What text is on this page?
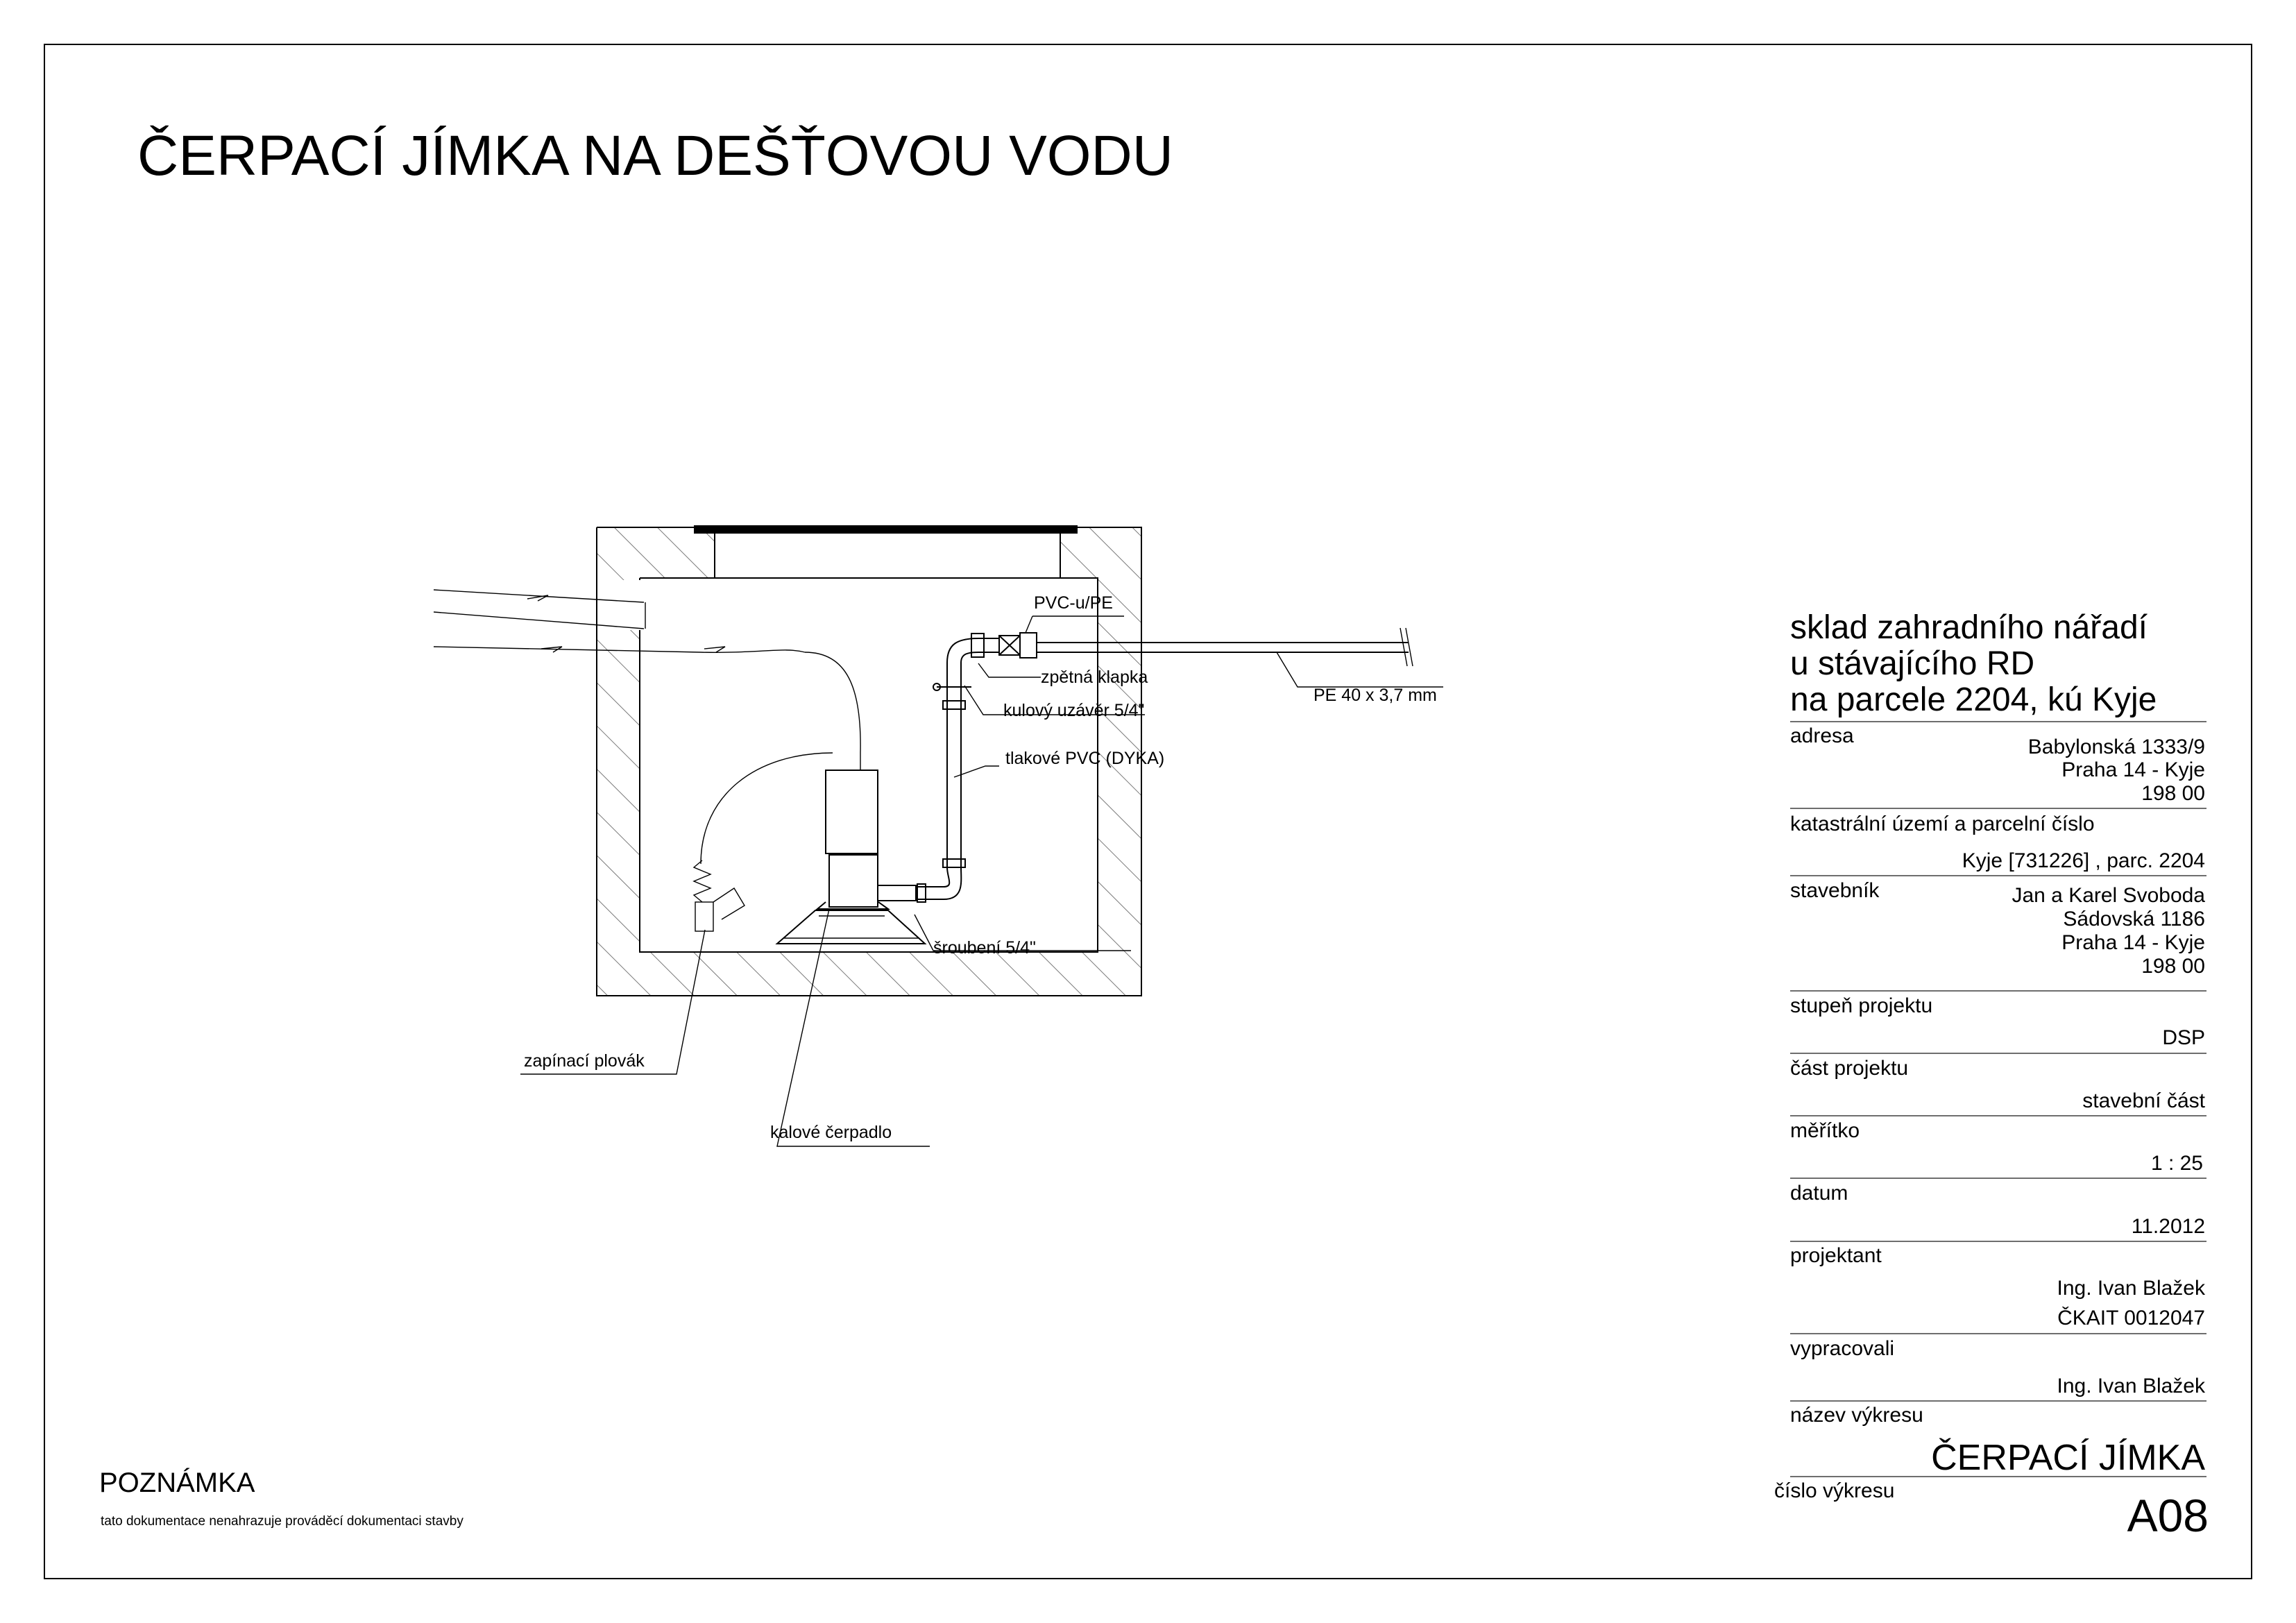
ČERPACÍ JÍMKA NA DEŠŤOVOU VODU
PVC-u/PE
zpětná klapka
kulový uzávěr 5/4"
tlakové PVC (DYKA)
PE 40 x 3,7 mm
šroubení 5/4"
zapínací plovák
kalové čerpadlo
POZNÁMKA
tato dokumentace nenahrazuje prováděcí dokumentaci stavby
sklad zahradního nářadí
u stávajícího RD
na parcele 2204, kú Kyje
adresa	Babylonská 1333/9
Praha 14 - Kyje
198 00
katastrální území a parcelní číslo
Kyje [731226] , parc. 2204
stavebník	Jan a Karel Svoboda
Sádovská 1186
Praha 14 - Kyje
198 00
stupeň projektu
DSP
část projektu
stavební část
měřítko
1 : 25
datum
11.2012
projektant
Ing. Ivan Blažek
ČKAIT 0012047
vypracovali
Ing. Ivan Blažek
název výkresu
ČERPACÍ JÍMKA
číslo výkresu	A08
